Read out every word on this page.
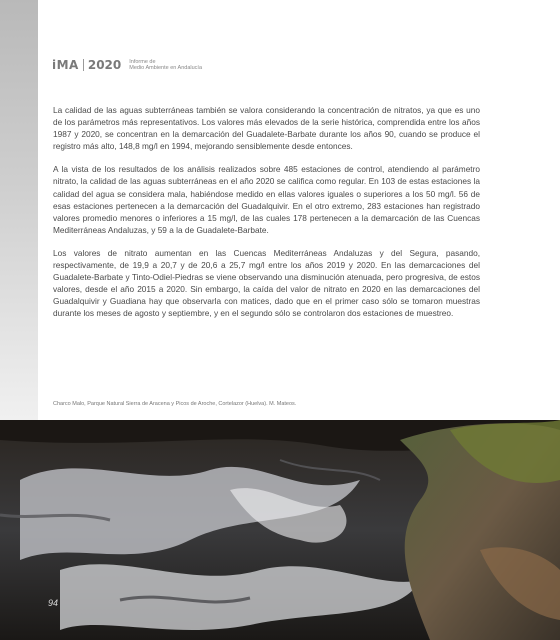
iMA 2020 Informe de
Medio Ambiente en Andalucía

La calidad de las aguas subterráneas también se valora considerando la concentración de nitratos, ya que es uno de los parámetros más representativos. Los valores más elevados de la serie histórica, comprendida entre los años 1987 y 2020, se concentran en la demarcación del Guadalete-Barbate durante los años 90, cuando se produce el registro más alto, 148,8 mg/l en 1994, mejorando sensiblemente desde entonces.

A la vista de los resultados de los análisis realizados sobre 485 estaciones de control, atendiendo al parámetro nitrato, la calidad de las aguas subterráneas en el año 2020 se califica como regular. En 103 de estas estaciones la calidad del agua se considera mala, habiéndose medido en ellas valores iguales o superiores a los 50 mg/l. 56 de esas estaciones pertenecen a la demarcación del Guadalquivir. En el otro extremo, 283 estaciones han registrado valores promedio menores o inferiores a 15 mg/l, de las cuales 178 pertenecen a la demarcación de las Cuencas Mediterráneas Andaluzas, y 59 a la de Guadalete-Barbate.

Los valores de nitrato aumentan en las Cuencas Mediterráneas Andaluzas y del Segura, pasando, respectivamente, de 19,9 a 20,7 y de 20,6 a 25,7 mg/l entre los años 2019 y 2020. En las demarcaciones del Guadalete-Barbate y Tinto-Odiel-Piedras se viene observando una disminución atenuada, pero progresiva, de estos valores, desde el año 2015 a 2020. Sin embargo, la caída del valor de nitrato en 2020 en las demarcaciones del Guadalquivir y Guadiana hay que observarla con matices, dado que en el primer caso sólo se tomaron muestras durante los meses de agosto y septiembre, y en el segundo sólo se controlaron dos estaciones de muestreo.

Charco Malo, Parque Natural Sierra de Aracena y Picos de Aroche, Cortelazor (Huelva). M. Mateos.
94
